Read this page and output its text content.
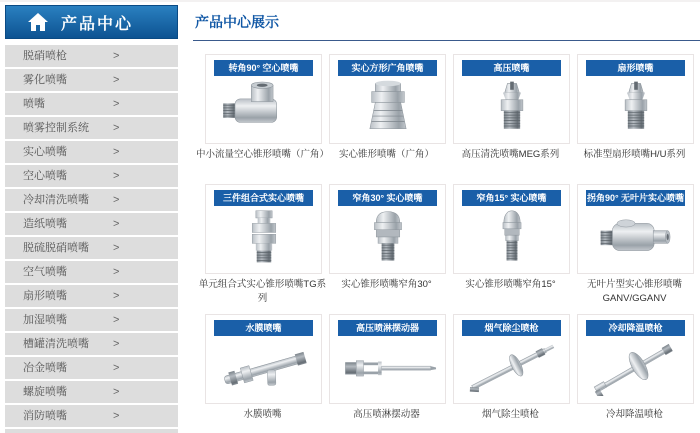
产品中心
脱硝喷枪	>
雾化喷嘴	>
喷嘴	>
喷雾控制系统 >
实心喷嘴	>
空心喷嘴	>
冷却清洗喷嘴 >
造纸喷嘴	>
脱硫脱硝喷嘴 >
空气喷嘴	>
扇形喷嘴	>
加湿喷嘴	>
槽罐清洗喷嘴 >
冶金喷嘴	>
螺旋喷嘴	>
消防喷嘴	>
产品中心展示
转角90° 空心喷嘴
中小流量空心锥形喷嘴（广角）
实心方形广角喷嘴
实心锥形喷嘴（广角）
高压喷嘴
高压清洗喷嘴MEG系列
扇形喷嘴
标准型扇形喷嘴H/U系列
三件组合式实心喷嘴
单元组合式实心锥形喷嘴TG系列
窄角30° 实心喷嘴
实心锥形喷嘴窄角30°
窄角15° 实心喷嘴
实心锥形喷嘴窄角15°
拐角90° 无叶片实心喷嘴
无叶片型实心锥形喷嘴GANV/GGANV
水膜喷嘴
水膜喷嘴
高压喷淋摆动器
高压喷淋摆动器
烟气除尘喷枪
烟气除尘喷枪
冷却降温喷枪
冷却降温喷枪
